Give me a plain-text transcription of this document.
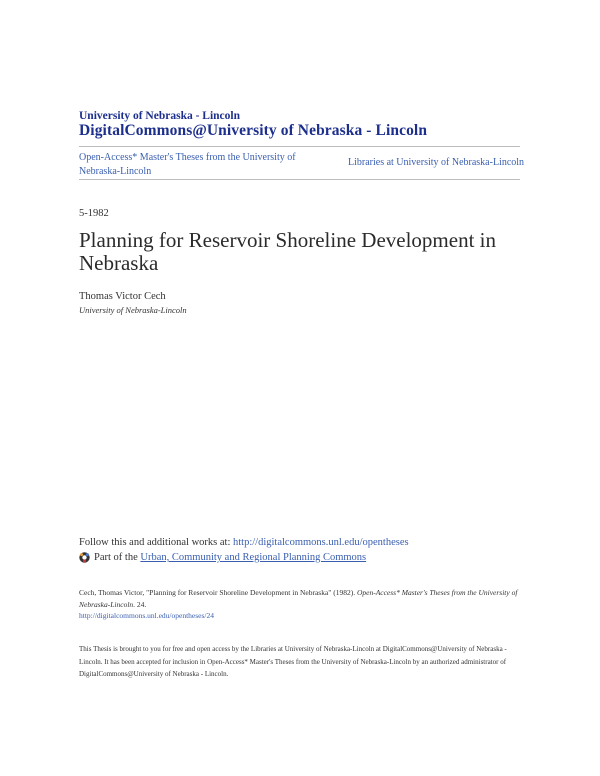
University of Nebraska - Lincoln
DigitalCommons@University of Nebraska - Lincoln
Open-Access* Master's Theses from the University of Nebraska-Lincoln
Libraries at University of Nebraska-Lincoln
5-1982
Planning for Reservoir Shoreline Development in Nebraska
Thomas Victor Cech
University of Nebraska-Lincoln
Follow this and additional works at: http://digitalcommons.unl.edu/opentheses
Part of the
Urban, Community and Regional Planning Commons
Cech, Thomas Victor, "Planning for Reservoir Shoreline Development in Nebraska" (1982). Open-Access* Master's Theses from the University of Nebraska-Lincoln. 24.
http://digitalcommons.unl.edu/opentheses/24
This Thesis is brought to you for free and open access by the Libraries at University of Nebraska-Lincoln at DigitalCommons@University of Nebraska - Lincoln. It has been accepted for inclusion in Open-Access* Master's Theses from the University of Nebraska-Lincoln by an authorized administrator of DigitalCommons@University of Nebraska - Lincoln.
